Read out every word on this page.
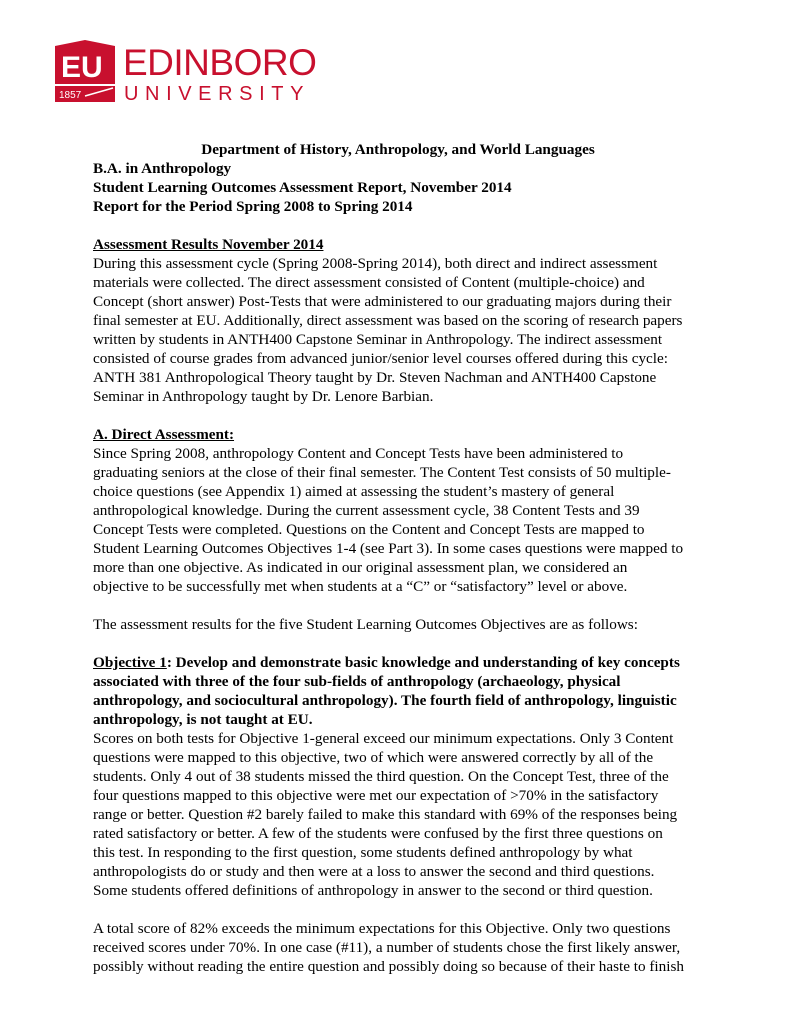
EU
1857
EDINBORO
UNIVERSITY

Department of History, Anthropology, and World Languages

B.A. in Anthropology

Student Learning Outcomes Assessment Report, November 2014

Report for the Period Spring 2008 to Spring 2014

Assessment Results November 2014

During this assessment cycle (Spring 2008-Spring 2014), both direct and indirect assessment

materials were collected. The direct assessment consisted of Content (multiple-choice) and

Concept (short answer) Post-Tests that were administered to our graduating majors during their

final semester at EU. Additionally, direct assessment was based on the scoring of research papers

written by students in ANTH400 Capstone Seminar in Anthropology. The indirect assessment

consisted of course grades from advanced junior/senior level courses offered during this cycle:

ANTH 381 Anthropological Theory taught by Dr. Steven Nachman and ANTH400 Capstone

Seminar in Anthropology taught by Dr. Lenore Barbian.

A. Direct Assessment:

Since Spring 2008, anthropology Content and Concept Tests have been administered to

graduating seniors at the close of their final semester. The Content Test consists of 50 multiple-

choice questions (see Appendix 1) aimed at assessing the student’s mastery of general

anthropological knowledge. During the current assessment cycle, 38 Content Tests and 39

Concept Tests were completed. Questions on the Content and Concept Tests are mapped to

Student Learning Outcomes Objectives 1-4 (see Part 3). In some cases questions were mapped to

more than one objective. As indicated in our original assessment plan, we considered an

objective to be successfully met when students at a “C” or “satisfactory” level or above.

The assessment results for the five Student Learning Outcomes Objectives are as follows:

Objective 1: Develop and demonstrate basic knowledge and understanding of key concepts

associated with three of the four sub-fields of anthropology (archaeology, physical

anthropology, and sociocultural anthropology). The fourth field of anthropology, linguistic

anthropology, is not taught at EU.

Scores on both tests for Objective 1-general exceed our minimum expectations. Only 3 Content

questions were mapped to this objective, two of which were answered correctly by all of the

students. Only 4 out of 38 students missed the third question. On the Concept Test, three of the

four questions mapped to this objective were met our expectation of >70% in the satisfactory

range or better. Question #2 barely failed to make this standard with 69% of the responses being

rated satisfactory or better. A few of the students were confused by the first three questions on

this test. In responding to the first question, some students defined anthropology by what

anthropologists do or study and then were at a loss to answer the second and third questions.

Some students offered definitions of anthropology in answer to the second or third question.

A total score of 82% exceeds the minimum expectations for this Objective. Only two questions

received scores under 70%. In one case (#11), a number of students chose the first likely answer,

possibly without reading the entire question and possibly doing so because of their haste to finish
